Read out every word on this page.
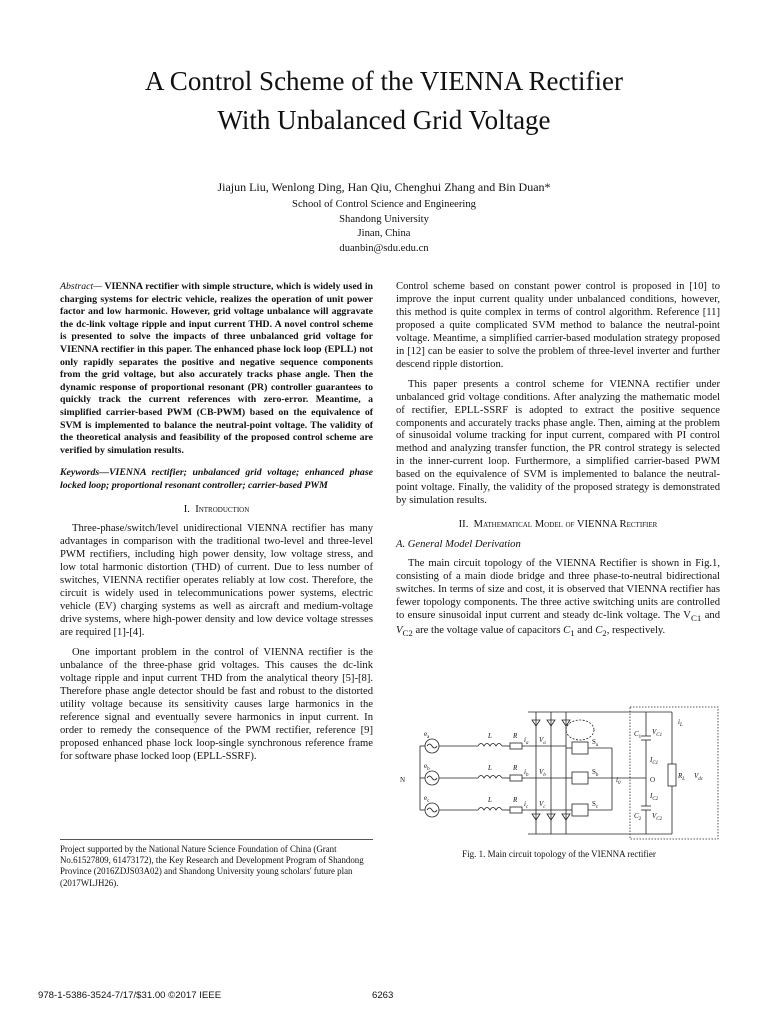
A Control Scheme of the VIENNA Rectifier
With Unbalanced Grid Voltage
Jiajun Liu, Wenlong Ding, Han Qiu, Chenghui Zhang and Bin Duan*
School of Control Science and Engineering
Shandong University
Jinan, China
duanbin@sdu.edu.cn
Abstract— VIENNA rectifier with simple structure, which is widely used in charging systems for electric vehicle, realizes the operation of unit power factor and low harmonic. However, grid voltage unbalance will aggravate the dc-link voltage ripple and input current THD. A novel control scheme is presented to solve the impacts of three unbalanced grid voltage for VIENNA rectifier in this paper. The enhanced phase lock loop (EPLL) not only rapidly separates the positive and negative sequence components from the grid voltage, but also accurately tracks phase angle. Then the dynamic response of proportional resonant (PR) controller guarantees to quickly track the current references with zero-error. Meantime, a simplified carrier-based PWM (CB-PWM) based on the equivalence of SVM is implemented to balance the neutral-point voltage. The validity of the theoretical analysis and feasibility of the proposed control scheme are verified by simulation results.
Keywords—VIENNA rectifier; unbalanced grid voltage; enhanced phase locked loop; proportional resonant controller; carrier-based PWM
I. Introduction

Three-phase/switch/level unidirectional VIENNA rectifier has many advantages in comparison with the traditional two-level and three-level PWM rectifiers, including high power density, low voltage stress, and low total harmonic distortion (THD) of current. Due to less number of switches, VIENNA rectifier operates reliably at low cost. Therefore, the circuit is widely used in telecommunications power systems, electric vehicle (EV) charging systems as well as aircraft and medium-voltage drive systems, where high-power density and low device voltage stresses are required [1]-[4].

One important problem in the control of VIENNA rectifier is the unbalance of the three-phase grid voltages. This causes the dc-link voltage ripple and input current THD from the analytical theory [5]-[8]. Therefore phase angle detector should be fast and robust to the distorted utility voltage because its sensitivity causes large harmonics in the reference signal and eventually severe harmonics in input current. In order to remedy the consequence of the PWM rectifier, reference [9] proposed enhanced phase lock loop-single synchronous reference frame for software phase locked loop (EPLL-SSRF).

Control scheme based on constant power control is proposed in [10] to improve the input current quality under unbalanced conditions, however, this method is quite complex in terms of control algorithm. Reference [11] proposed a quite complicated SVM method to balance the neutral-point voltage. Meantime, a simplified carrier-based modulation strategy proposed in [12] can be easier to solve the problem of three-level inverter and further descend ripple distortion.

This paper presents a control scheme for VIENNA rectifier under unbalanced grid voltage conditions. After analyzing the mathematic model of rectifier, EPLL-SSRF is adopted to extract the positive sequence components and accurately tracks phase angle. Then, aiming at the problem of sinusoidal volume tracking for input current, compared with PI control method and analyzing transfer function, the PR control strategy is selected in the inner-current loop. Furthermore, a simplified carrier-based PWM based on the equivalence of SVM is implemented to balance the neutral-point voltage. Finally, the validity of the proposed strategy is demonstrated by simulation results.

II. Mathematical Model of VIENNA Rectifier
A. General Model Derivation

The main circuit topology of the VIENNA Rectifier is shown in Fig.1, consisting of a main diode bridge and three phase-to-neutral bidirectional switches. In terms of size and cost, it is observed that VIENNA rectifier has fewer topology components. The three active switching units are controlled to ensure sinusoidal input current and steady dc-link voltage. The $V_{C1}$ and $V_{C2}$ are the voltage value of capacitors $C_1$ and $C_2$, respectively.

Project supported by the National Nature Science Foundation of China (Grant No.61527809, 61473172), the Key Research and Development Program of Shandong Province (2016ZDJS03A02) and Shandong University young scholars' future plan (2017WLJH26).
N
$e_a$
$e_b$
$e_c$
L
L
L
R
R
R
$i_a$
$i_b$
$i_c$
$V_a$
$V_b$
$V_c$
$S_a$
$S_b$
$S_c$
$C_1$
$C_2$
$V_{C1}$
$V_{C2}$
$I_{C1}$
$I_{C2}$
$i_0$	O
$i_L$
$R_L$ $V_{dc}$
Fig. 1. Main circuit topology of the VIENNA rectifier
978-1-5386-3524-7/17/$31.00 ©2017 IEEE	6263
